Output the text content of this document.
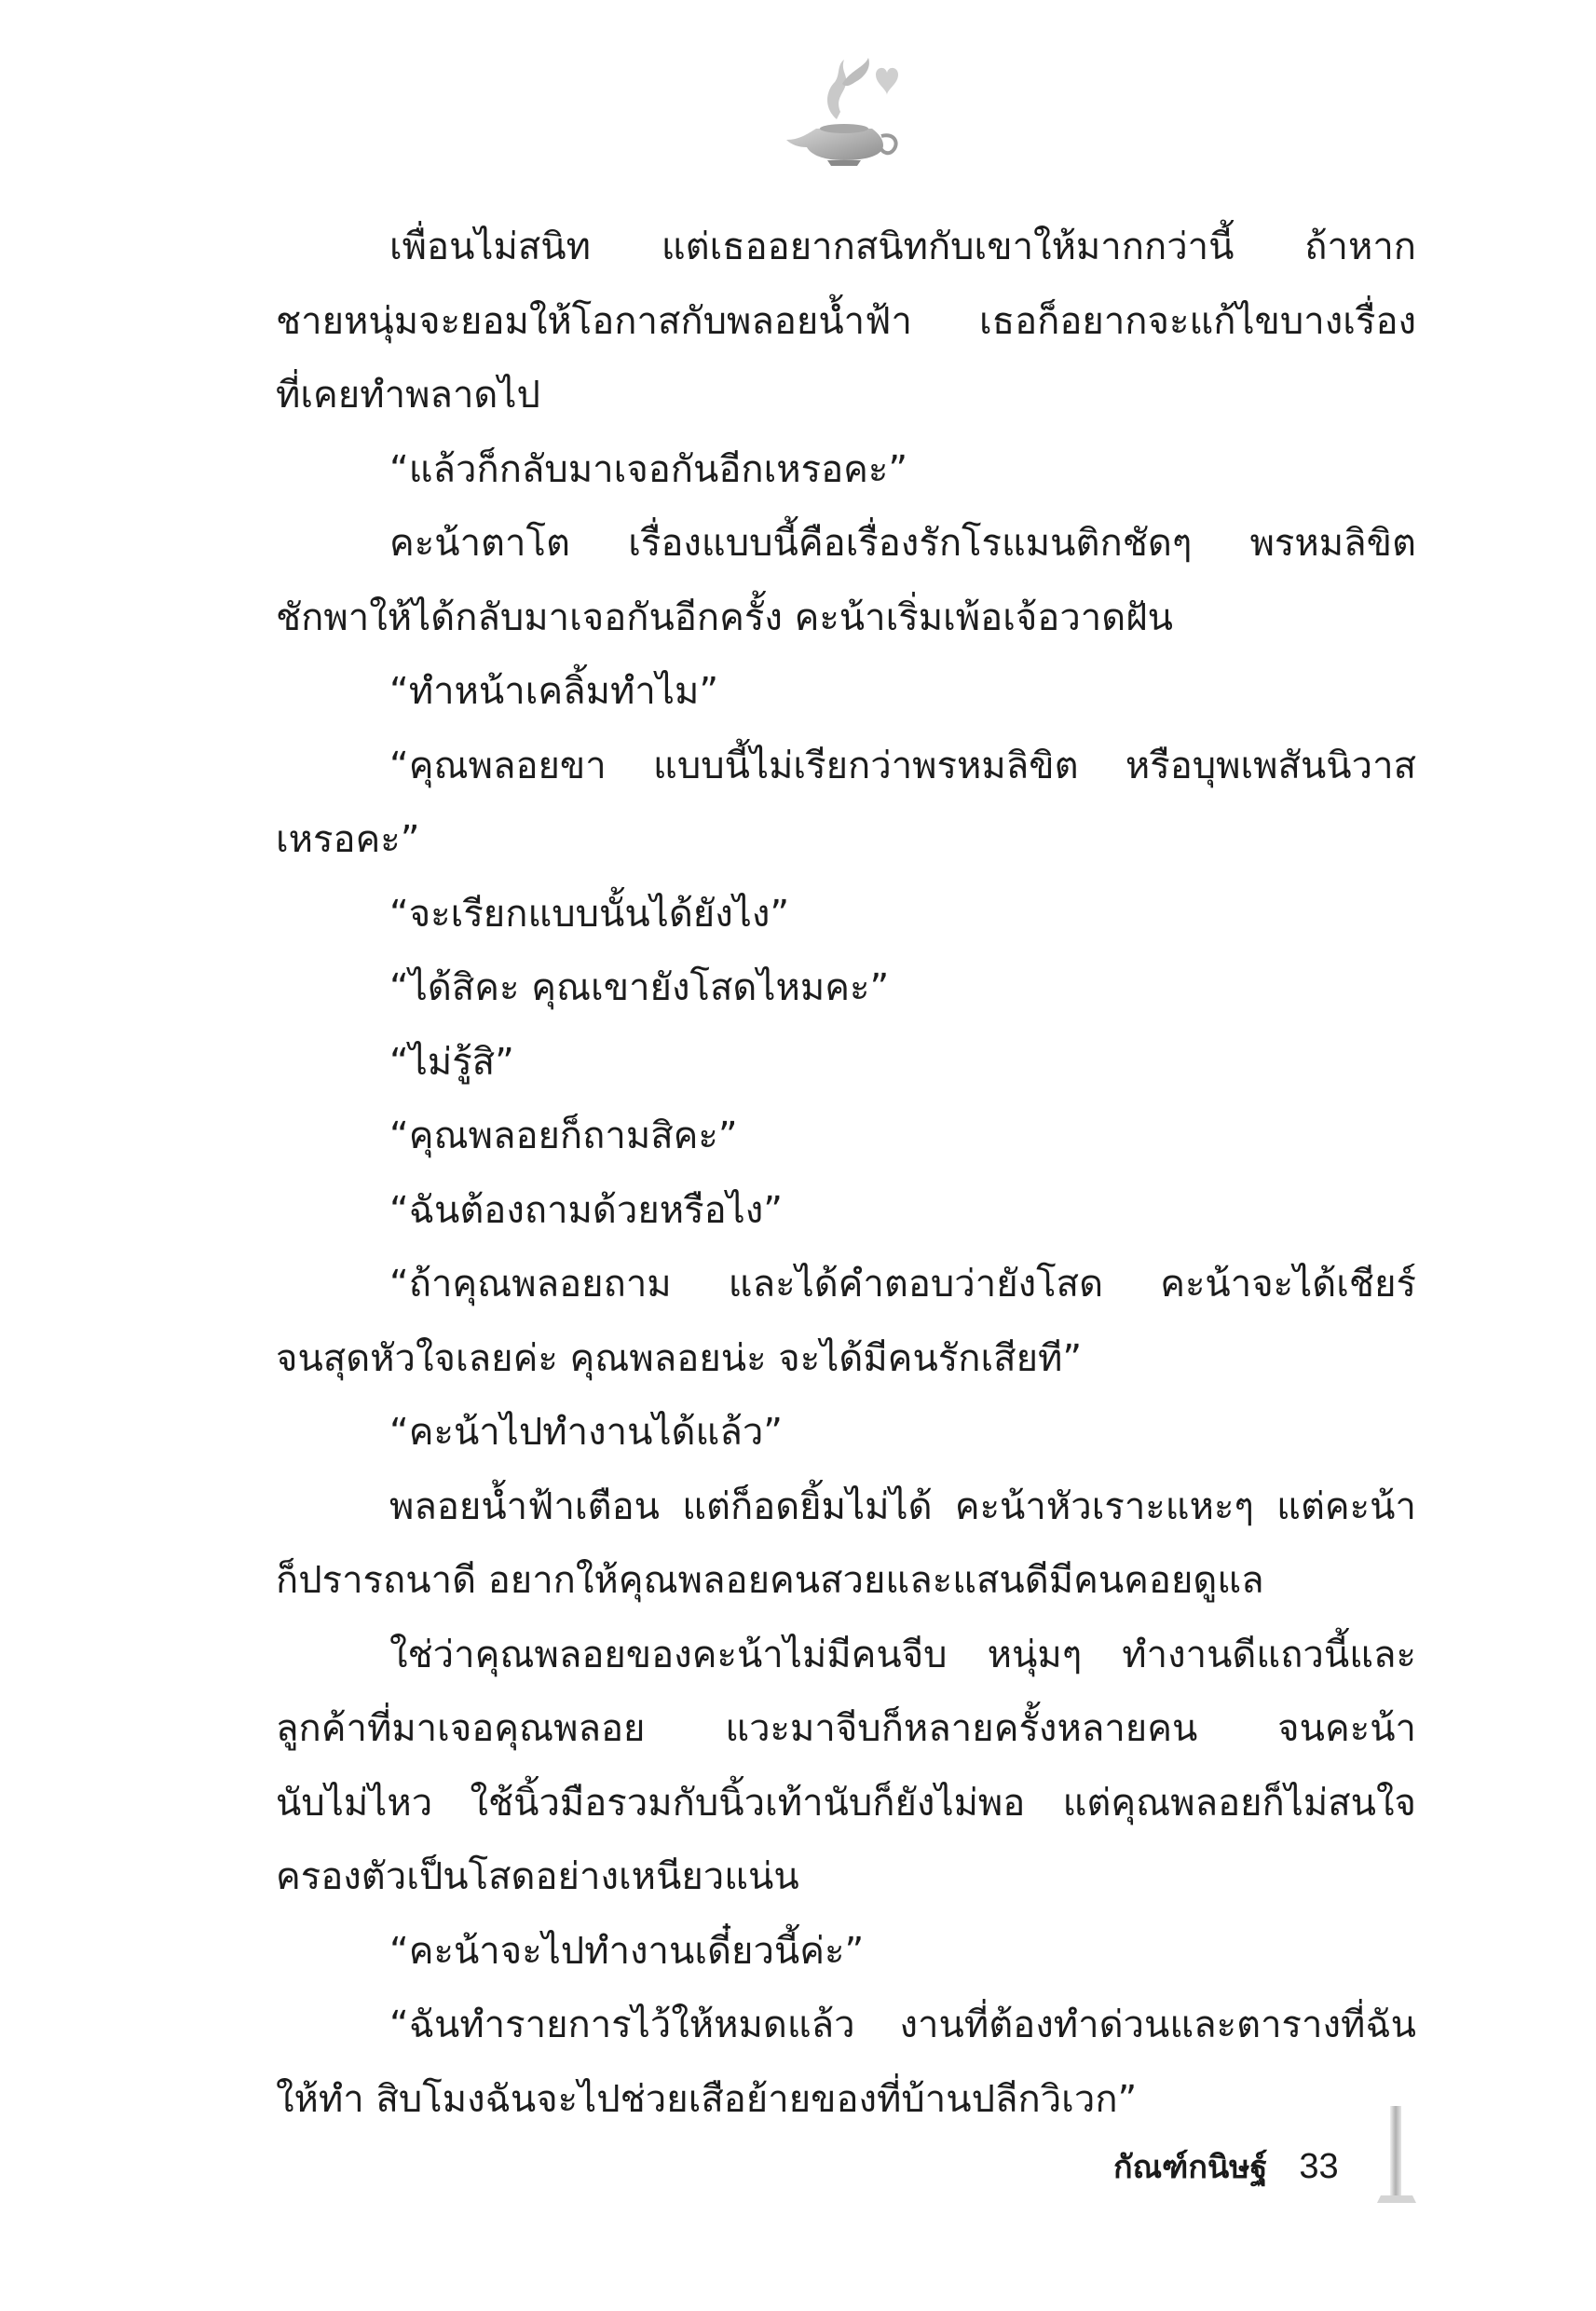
เพื่อนไม่สนิท แต่เธออยากสนิทกับเขาให้มากกว่านี้ ถ้าหาก
ชายหนุ่มจะยอมให้โอกาสกับพลอยน้ำฟ้า เธอก็อยากจะแก้ไขบางเรื่อง
ที่เคยทำพลาดไป
“แล้วก็กลับมาเจอกันอีกเหรอคะ”
คะน้าตาโต เรื่องแบบนี้คือเรื่องรักโรแมนติกชัดๆ พรหมลิขิต
ชักพาให้ได้กลับมาเจอกันอีกครั้ง คะน้าเริ่มเพ้อเจ้อวาดฝัน
“ทำหน้าเคลิ้มทำไม”
“คุณพลอยขา แบบนี้ไม่เรียกว่าพรหมลิขิต หรือบุพเพสันนิวาส
เหรอคะ”
“จะเรียกแบบนั้นได้ยังไง”
“ได้สิคะ คุณเขายังโสดไหมคะ”
“ไม่รู้สิ”
“คุณพลอยก็ถามสิคะ”
“ฉันต้องถามด้วยหรือไง”
“ถ้าคุณพลอยถาม และได้คำตอบว่ายังโสด คะน้าจะได้เชียร์
จนสุดหัวใจเลยค่ะ คุณพลอยน่ะ จะได้มีคนรักเสียที”
“คะน้าไปทำงานได้แล้ว”
พลอยน้ำฟ้าเตือน แต่ก็อดยิ้มไม่ได้ คะน้าหัวเราะแหะๆ แต่คะน้า
ก็ปรารถนาดี อยากให้คุณพลอยคนสวยและแสนดีมีคนคอยดูแล
ใช่ว่าคุณพลอยของคะน้าไม่มีคนจีบ หนุ่มๆ ทำงานดีแถวนี้และ
ลูกค้าที่มาเจอคุณพลอย แวะมาจีบก็หลายครั้งหลายคน จนคะน้า
นับไม่ไหว ใช้นิ้วมือรวมกับนิ้วเท้านับก็ยังไม่พอ แต่คุณพลอยก็ไม่สนใจ
ครองตัวเป็นโสดอย่างเหนียวแน่น
“คะน้าจะไปทำงานเดี๋ยวนี้ค่ะ”
“ฉันทำรายการไว้ให้หมดแล้ว งานที่ต้องทำด่วนและตารางที่ฉัน
ให้ทำ สิบโมงฉันจะไปช่วยเสือย้ายของที่บ้านปลีกวิเวก”
กัณฑ์กนิษฐ์ 33
